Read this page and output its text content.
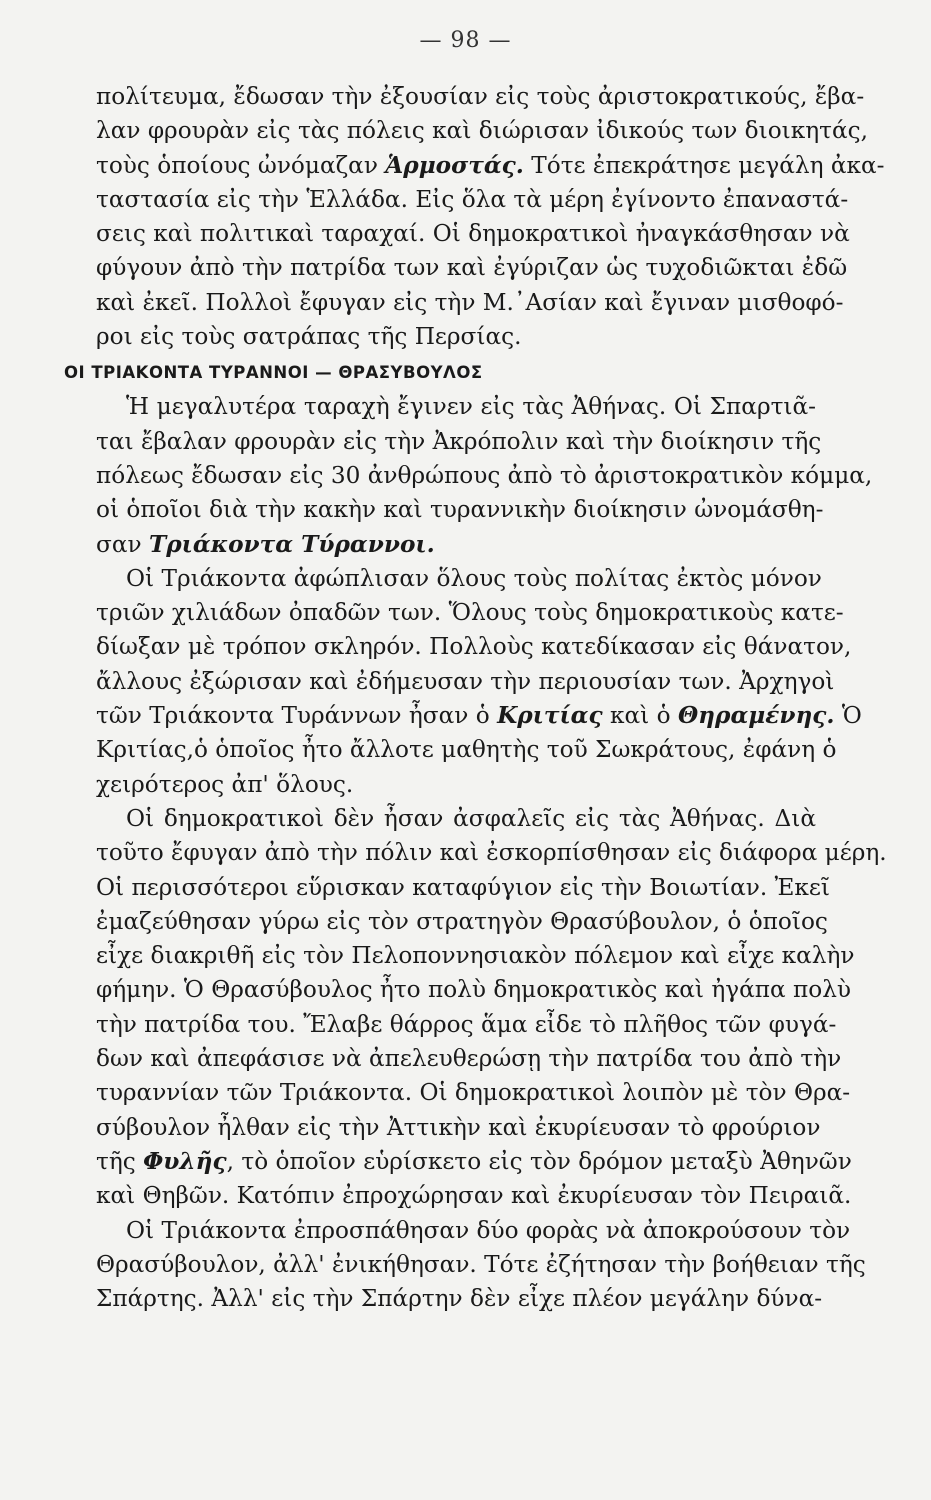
— 98 —

πολίτευμα, ἔδωσαν τὴν ἐξουσίαν εἰς τοὺς ἀριστοκρατικούς, ἔβα-
λαν φρουρὰν εἰς τὰς πόλεις καὶ διώρισαν ἰδικούς των διοικητάς,
τοὺς ὁποίους ὠνόμαζαν Ἁρμοστάς. Τότε ἐπεκράτησε μεγάλη ἀκα-
ταστασία εἰς τὴν Ἑλλάδα. Εἰς ὅλα τὰ μέρη ἐγίνοντο ἐπαναστά-
σεις καὶ πολιτικαὶ ταραχαί. Οἱ δημοκρατικοὶ ἠναγκάσθησαν νὰ
φύγουν ἀπὸ τὴν πατρίδα των καὶ ἐγύριζαν ὡς τυχοδιῶκται ἐδῶ
καὶ ἐκεῖ. Πολλοὶ ἔφυγαν εἰς τὴν Μ.᾿Ασίαν καὶ ἔγιναν μισθοφό-
ροι εἰς τοὺς σατράπας τῆς Περσίας.

ΟΙ ΤΡΙΑΚΟΝΤΑ ΤΥΡΑΝΝΟΙ — ΘΡΑΣΥΒΟΥΛΟΣ

Ἡ μεγαλυτέρα ταραχὴ ἔγινεν εἰς τὰς Ἀθήνας. Οἱ Σπαρτιᾶ-
ται ἔβαλαν φρουρὰν εἰς τὴν Ἀκρόπολιν καὶ τὴν διοίκησιν τῆς
πόλεως ἔδωσαν εἰς 30 ἀνθρώπους ἀπὸ τὸ ἀριστοκρατικὸν κόμμα,
οἱ ὁποῖοι διὰ τὴν κακὴν καὶ τυραννικὴν διοίκησιν ὠνομάσθη-
σαν Τριάκοντα Τύραννοι.

Οἱ Τριάκοντα ἀφώπλισαν ὅλους τοὺς πολίτας ἐκτὸς μόνον
τριῶν χιλιάδων ὀπαδῶν των. Ὅλους τοὺς δημοκρατικοὺς κατε-
δίωξαν μὲ τρόπον σκληρόν. Πολλοὺς κατεδίκασαν εἰς θάνατον,
ἄλλους ἐξώρισαν καὶ ἐδήμευσαν τὴν περιουσίαν των. Ἀρχηγοὶ
τῶν Τριάκοντα Τυράννων ἦσαν ὁ Κριτίας καὶ ὁ Θηραμένης. Ὁ
Κριτίας,ὁ ὁποῖος ἦτο ἄλλοτε μαθητὴς τοῦ Σωκράτους, ἐφάνη ὁ
χειρότερος ἀπ' ὅλους.

Οἱ δημοκρατικοὶ δὲν ἦσαν ἀσφαλεῖς εἰς τὰς Ἀθήνας. Διὰ
τοῦτο ἔφυγαν ἀπὸ τὴν πόλιν καὶ ἐσκορπίσθησαν εἰς διάφορα μέρη.
Οἱ περισσότεροι εὕρισκαν καταφύγιον εἰς τὴν Βοιωτίαν. Ἐκεῖ
ἐμαζεύθησαν γύρω εἰς τὸν στρατηγὸν Θρασύβουλον, ὁ ὁποῖος
εἶχε διακριθῆ εἰς τὸν Πελοποννησιακὸν πόλεμον καὶ εἶχε καλὴν
φήμην. Ὁ Θρασύβουλος ἦτο πολὺ δημοκρατικὸς καὶ ἠγάπα πολὺ
τὴν πατρίδα του. Ἔλαβε θάρρος ἅμα εἶδε τὸ πλῆθος τῶν φυγά-
δων καὶ ἀπεφάσισε νὰ ἀπελευθερώσῃ τὴν πατρίδα του ἀπὸ τὴν
τυραννίαν τῶν Τριάκοντα. Οἱ δημοκρατικοὶ λοιπὸν μὲ τὸν Θρα-
σύβουλον ἦλθαν εἰς τὴν Ἀττικὴν καὶ ἐκυρίευσαν τὸ φρούριον
τῆς Φυλῆς, τὸ ὁποῖον εὑρίσκετο εἰς τὸν δρόμον μεταξὺ Ἀθηνῶν
καὶ Θηβῶν. Κατόπιν ἐπροχώρησαν καὶ ἐκυρίευσαν τὸν Πειραιᾶ.

Οἱ Τριάκοντα ἐπροσπάθησαν δύο φορὰς νὰ ἀποκρούσουν τὸν
Θρασύβουλον, ἀλλ' ἐνικήθησαν. Τότε ἐζήτησαν τὴν βοήθειαν τῆς
Σπάρτης. Ἀλλ' εἰς τὴν Σπάρτην δὲν εἶχε πλέον μεγάλην δύνα-
